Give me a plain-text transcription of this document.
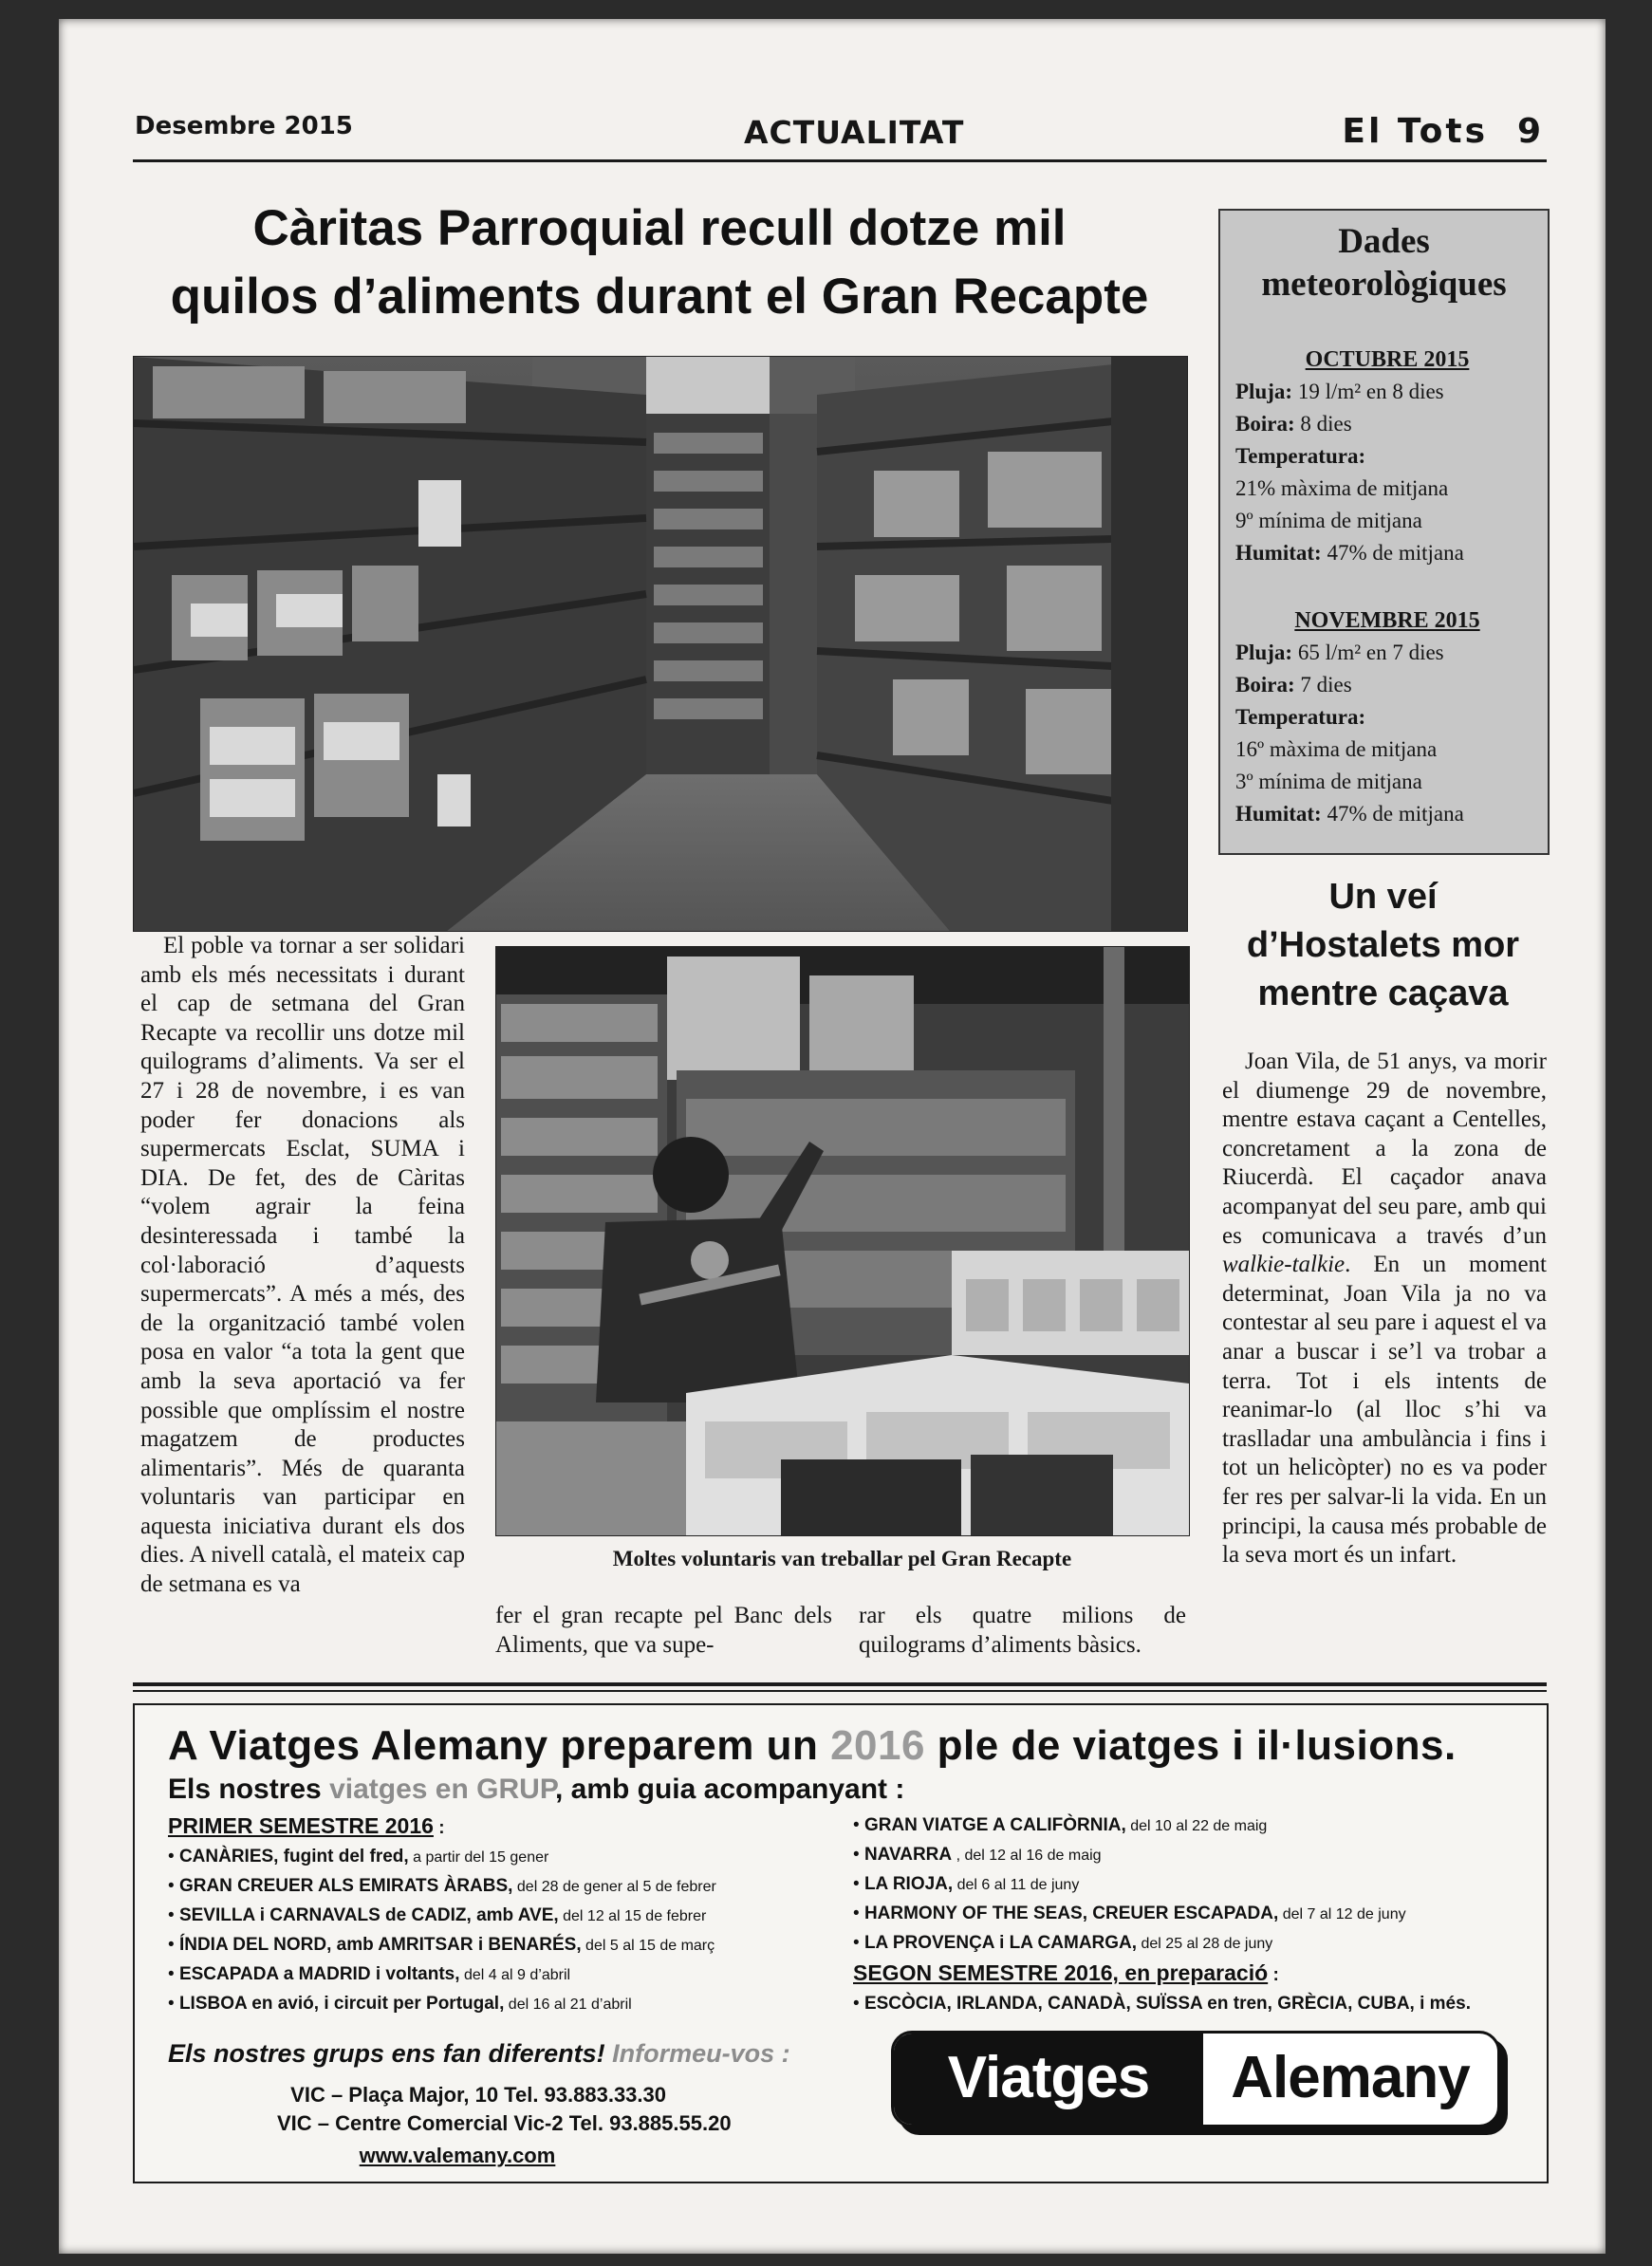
Desembre 2015	ACTUALITAT	El Tots 9
Càritas Parroquial recull dotze mil
quilos d’aliments durant el Gran Recapte
Moltes voluntaris van treballar pel Gran Recapte

El poble va tornar a ser solidari amb els més necessitats i durant el cap de setmana del Gran Recapte va recollir uns dotze mil quilograms d’aliments. Va ser el 27 i 28 de novembre, i es van poder fer donacions als supermercats Esclat, SUMA i DIA. De fet, des de Càritas “volem agrair la feina desinteressada i també la col·laboració d’aquests supermercats”. A més a més, des de la organització també volen posa en valor “a tota la gent que amb la seva aportació va fer possible que omplíssim el nostre magatzem de productes alimentaris”. Més de quaranta voluntaris van participar en aquesta iniciativa durant els dos dies. A nivell català, el mateix cap de setmana es va

fer el gran recapte pel Banc dels Aliments, que va supe-

rar els quatre milions de quilograms d’aliments bàsics.

Dades
meteorològiques
OCTUBRE 2015
Pluja: 19 l/m² en 8 dies
Boira: 8 dies
Temperatura:
21% màxima de mitjana
9º mínima de mitjana
Humitat: 47% de mitjana
NOVEMBRE 2015
Pluja: 65 l/m² en 7 dies
Boira: 7 dies
Temperatura:
16º màxima de mitjana
3º mínima de mitjana
Humitat: 47% de mitjana
Un veí
d’Hostalets mor
mentre caçava
Joan Vila, de 51 anys, va morir el diumenge 29 de novembre, mentre estava caçant a Centelles, concretament a la zona de Riucerdà. El caçador anava acompanyat del seu pare, amb qui es comunicava a través d’un walkie-talkie. En un moment determinat, Joan Vila ja no va contestar al seu pare i aquest el va anar a buscar i se’l va trobar a terra. Tot i els intents de reanimar-lo (al lloc s’hi va traslladar una ambulància i fins i tot un helicòpter) no es va poder fer res per salvar-li la vida. En un principi, la causa més probable de la seva mort és un infart.
A Viatges Alemany preparem un 2016 ple de viatges i il·lusions.
Els nostres viatges en GRUP, amb guia acompanyant :
PRIMER SEMESTRE 2016 :
• CANÀRIES, fugint del fred, a partir del 15 gener
• GRAN CREUER ALS EMIRATS ÀRABS, del 28 de gener al 5 de febrer
• SEVILLA i CARNAVALS de CADIZ, amb AVE, del 12 al 15 de febrer
• ÍNDIA DEL NORD, amb AMRITSAR i BENARÉS, del 5 al 15 de març
• ESCAPADA a MADRID i voltants, del 4 al 9 d’abril
• LISBOA en avió, i circuit per Portugal, del 16 al 21 d’abril
• GRAN VIATGE A CALIFÒRNIA, del 10 al 22 de maig
• NAVARRA , del 12 al 16 de maig
• LA RIOJA, del 6 al 11 de juny
• HARMONY OF THE SEAS, CREUER ESCAPADA, del 7 al 12 de juny
• LA PROVENÇA i LA CAMARGA, del 25 al 28 de juny
SEGON SEMESTRE 2016, en preparació :
• ESCÒCIA, IRLANDA, CANADÀ, SUÏSSA en tren, GRÈCIA, CUBA, i més.
Els nostres grups ens fan diferents! Informeu-vos :
VIC – Plaça Major, 10 Tel. 93.883.33.30
VIC – Centre Comercial Vic-2 Tel. 93.885.55.20
www.valemany.com
Viatges	Alemany
